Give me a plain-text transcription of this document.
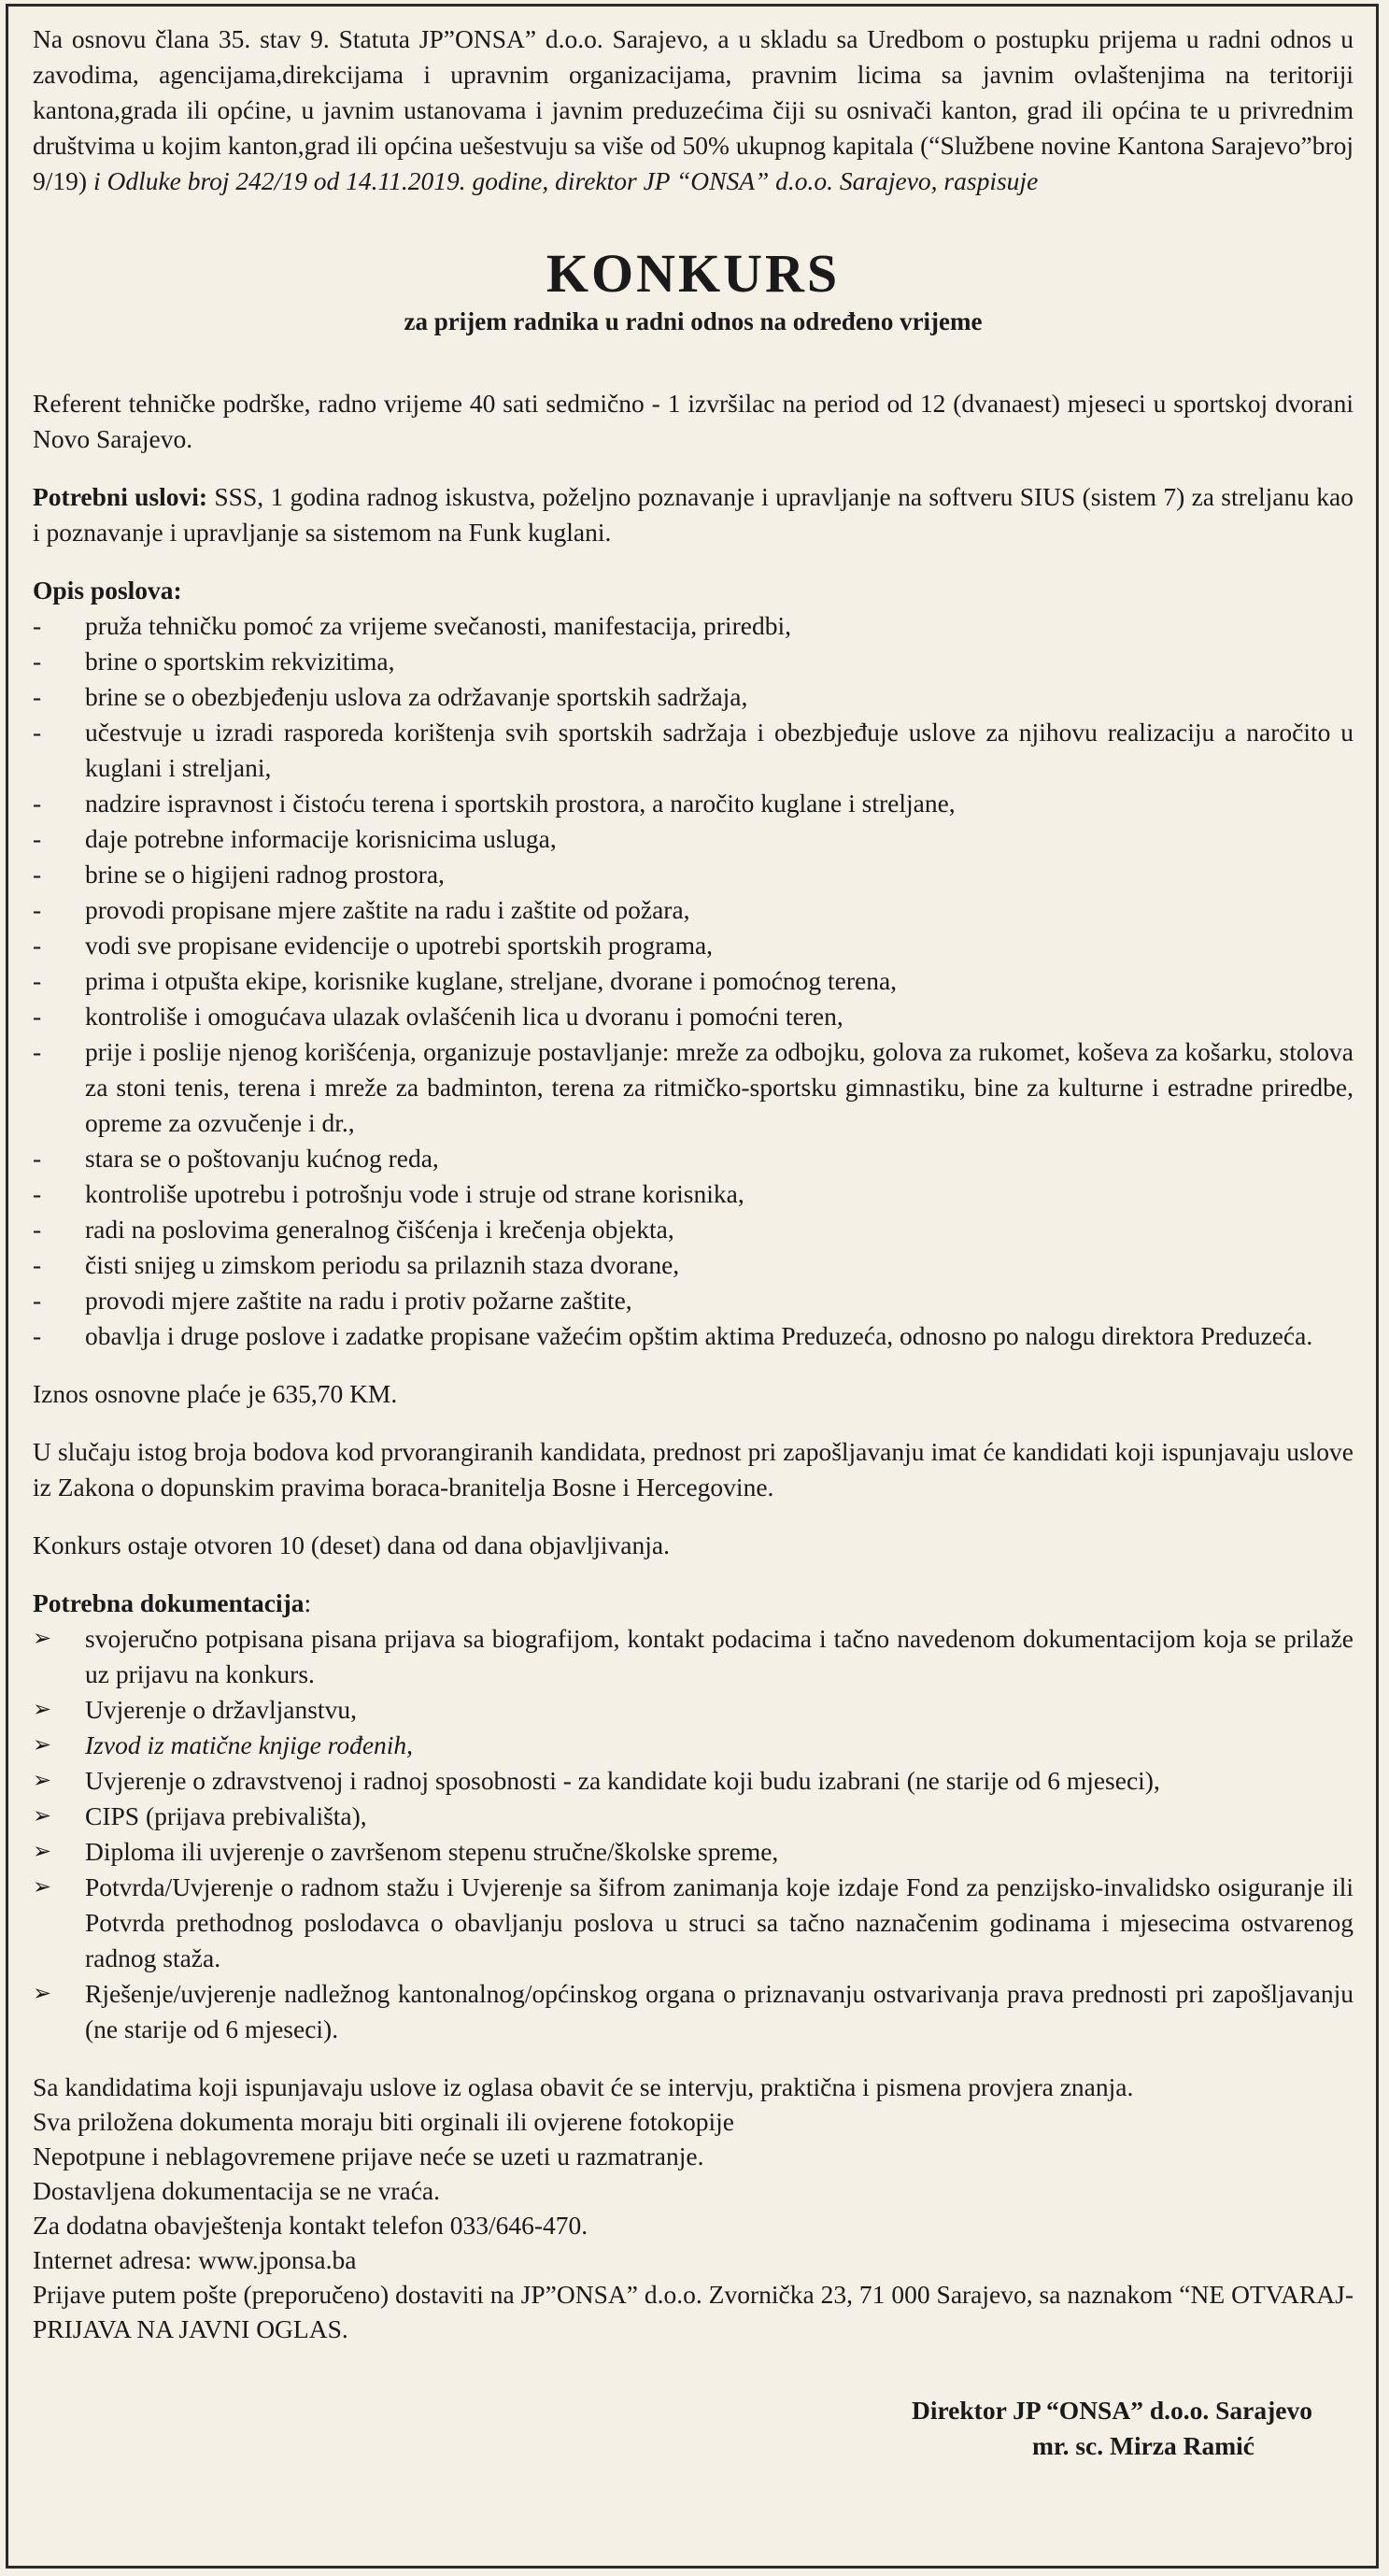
Na osnovu člana 35. stav 9. Statuta JP”ONSA” d.o.o. Sarajevo, a u skladu sa Uredbom o postupku prijema u radni odnos u zavodima, agencijama,direkcijama i upravnim organizacijama, pravnim licima sa javnim ovlaštenjima na teritoriji kantona,grada ili općine, u javnim ustanovama i javnim preduzećima čiji su osnivači kanton, grad ili općina te u privrednim društvima u kojim kanton,grad ili općina uešestvuju sa više od 50% ukupnog kapitala (“Službene novine Kantona Sarajevo”broj 9/19) i Odluke broj 242/19 od 14.11.2019. godine, direktor JP “ONSA” d.o.o. Sarajevo, raspisuje

KONKURS

za prijem radnika u radni odnos na određeno vrijeme

Referent tehničke podrške, radno vrijeme 40 sati sedmično - 1 izvršilac na period od 12 (dvanaest) mjeseci u sportskoj dvorani Novo Sarajevo.

Potrebni uslovi: SSS, 1 godina radnog iskustva, poželjno poznavanje i upravljanje na softveru SIUS (sistem 7) za streljanu kao i poznavanje i upravljanje sa sistemom na Funk kuglani.

Opis poslova:

- pruža tehničku pomoć za vrijeme svečanosti, manifestacija, priredbi,
- brine o sportskim rekvizitima,
- brine se o obezbjeđenju uslova za održavanje sportskih sadržaja,
- učestvuje u izradi rasporeda korištenja svih sportskih sadržaja i obezbjeđuje uslove za njihovu realizaciju a naročito u kuglani i streljani,
- nadzire ispravnost i čistoću terena i sportskih prostora, a naročito kuglane i streljane,
- daje potrebne informacije korisnicima usluga,
- brine se o higijeni radnog prostora,
- provodi propisane mjere zaštite na radu i zaštite od požara,
- vodi sve propisane evidencije o upotrebi sportskih programa,
- prima i otpušta ekipe, korisnike kuglane, streljane, dvorane i pomoćnog terena,
- kontroliše i omogućava ulazak ovlašćenih lica u dvoranu i pomoćni teren,
- prije i poslije njenog korišćenja, organizuje postavljanje: mreže za odbojku, golova za rukomet, koševa za košarku, stolova za stoni tenis, terena i mreže za badminton, terena za ritmičko-sportsku gimnastiku, bine za kulturne i estradne priredbe, opreme za ozvučenje i dr.,
- stara se o poštovanju kućnog reda,
- kontroliše upotrebu i potrošnju vode i struje od strane korisnika,
- radi na poslovima generalnog čišćenja i krečenja objekta,
- čisti snijeg u zimskom periodu sa prilaznih staza dvorane,
- provodi mjere zaštite na radu i protiv požarne zaštite,
- obavlja i druge poslove i zadatke propisane važećim opštim aktima Preduzeća, odnosno po nalogu direktora Preduzeća.

Iznos osnovne plaće je 635,70 KM.

U slučaju istog broja bodova kod prvorangiranih kandidata, prednost pri zapošljavanju imat će kandidati koji ispunjavaju uslove iz Zakona o dopunskim pravima boraca-branitelja Bosne i Hercegovine.

Konkurs ostaje otvoren 10 (deset) dana od dana objavljivanja.

Potrebna dokumentacija:

➢ svojeručno potpisana pisana prijava sa biografijom, kontakt podacima i tačno navedenom dokumentacijom koja se prilaže uz prijavu na konkurs.
➢ Uvjerenje o državljanstvu,
➢ Izvod iz matične knjige rođenih,
➢ Uvjerenje o zdravstvenoj i radnoj sposobnosti - za kandidate koji budu izabrani (ne starije od 6 mjeseci),
➢ CIPS (prijava prebivališta),
➢ Diploma ili uvjerenje o završenom stepenu stručne/školske spreme,
➢ Potvrda/Uvjerenje o radnom stažu i Uvjerenje sa šifrom zanimanja koje izdaje Fond za penzijsko-invalidsko osiguranje ili Potvrda prethodnog poslodavca o obavljanju poslova u struci sa tačno naznačenim godinama i mjesecima ostvarenog radnog staža.
➢ Rješenje/uvjerenje nadležnog kantonalnog/općinskog organa o priznavanju ostvarivanja prava prednosti pri zapošljavanju (ne starije od 6 mjeseci).

Sa kandidatima koji ispunjavaju uslove iz oglasa obavit će se intervju, praktična i pismena provjera znanja.

Sva priložena dokumenta moraju biti orginali ili ovjerene fotokopije

Nepotpune i neblagovremene prijave neće se uzeti u razmatranje.

Dostavljena dokumentacija se ne vraća.

Za dodatna obavještenja kontakt telefon 033/646-470.

Internet adresa: www.jponsa.ba

Prijave putem pošte (preporučeno) dostaviti na JP”ONSA” d.o.o. Zvornička 23, 71 000 Sarajevo, sa naznakom “NE OTVARAJ-PRIJAVA NA JAVNI OGLAS.

Direktor JP “ONSA” d.o.o. Sarajevo

mr. sc. Mirza Ramić
